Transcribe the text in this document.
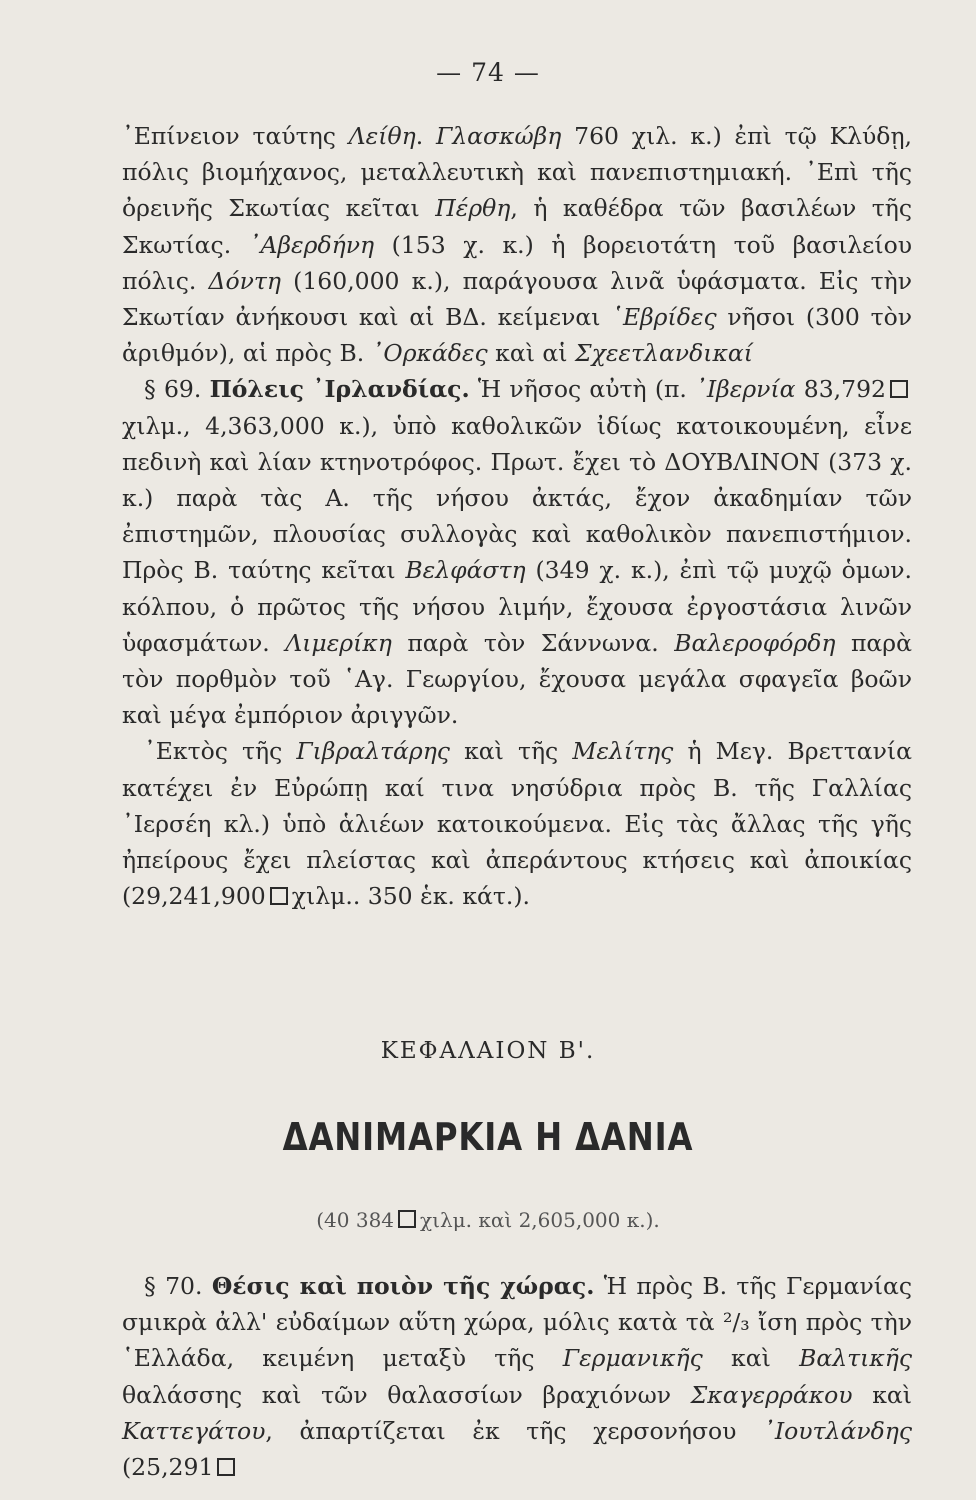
— 74 —

᾿Επίνειον ταύτης Λείθη. Γλασκώβη 760 χιλ. κ.) ἐπὶ τῷ Κλύδῃ, πόλις βιομήχανος, μεταλλευτικὴ καὶ πανεπιστημιακή. ᾿Επὶ τῆς ὀρεινῆς Σκωτίας κεῖται Πέρθη, ἡ καθέδρα τῶν βασιλέων τῆς Σκωτίας. ᾿Αβερδήνη (153 χ. κ.) ἡ βορειοτάτη τοῦ βασιλείου πόλις. Δόντη (160,000 κ.), παράγουσα λινᾶ ὑφάσματα. Εἰς τὴν Σκωτίαν ἀνήκουσι καὶ αἱ ΒΔ. κείμεναι ῾Εβρίδες νῆσοι (300 τὸν ἀριθμόν), αἱ πρὸς Β. ᾿Ορκάδες καὶ αἱ Σχεετλανδικαί

§ 69. Πόλεις ᾿Ιρλανδίας. Ἡ νῆσος αὐτὴ (π. ᾿Ιβερνία 83,792χιλμ., 4,363,000 κ.), ὑπὸ καθολικῶν ἰδίως κατοικουμένη, εἶνε πεδινὴ καὶ λίαν κτηνοτρόφος. Πρωτ. ἔχει τὸ ΔΟΥΒΛΙΝΟΝ (373 χ. κ.) παρὰ τὰς Α. τῆς νήσου ἀκτάς, ἔχον ἀκαδημίαν τῶν ἐπιστημῶν, πλουσίας συλλογὰς καὶ καθολικὸν πανεπιστήμιον. Πρὸς Β. ταύτης κεῖται Βελφάστη (349 χ. κ.), ἐπὶ τῷ μυχῷ ὁμων. κόλπου, ὁ πρῶτος τῆς νήσου λιμήν, ἔχουσα ἐργοστάσια λινῶν ὑφασμάτων. Λιμερίκη παρὰ τὸν Σάννωνα. Βαλεροφόρδη παρὰ τὸν πορθμὸν τοῦ ῾Αγ. Γεωργίου, ἔχουσα μεγάλα σφαγεῖα βοῶν καὶ μέγα ἐμπόριον ἀριγγῶν.

᾿Εκτὸς τῆς Γιβραλτάρης καὶ τῆς Μελίτης ἡ Μεγ. Βρεττανία κατέχει ἐν Εὐρώπῃ καί τινα νησύδρια πρὸς Β. τῆς Γαλλίας ᾿Ιερσέη κλ.) ὑπὸ ἁλιέων κατοικούμενα. Εἰς τὰς ἄλλας τῆς γῆς ἠπείρους ἔχει πλείστας καὶ ἀπεράντους κτήσεις καὶ ἀποικίας (29,241,900 χιλμ.. 350 ἑκ. κάτ.).

ΚΕΦΑΛΑΙΟΝ Β'.
ΔΑΝΙΜΑΡΚΙΑ Η ΔΑΝΙΑ
(40 384 χιλμ. καὶ 2,605,000 κ.).

§ 70. Θέσις καὶ ποιὸν τῆς χώρας. Ἡ πρὸς Β. τῆς Γερμανίας σμικρὰ ἀλλ' εὐδαίμων αὕτη χώρα, μόλις κατὰ τὰ ²/₃ ἴση πρὸς τὴν ῾Ελλάδα, κειμένη μεταξὺ τῆς Γερμανικῆς καὶ Βαλτικῆς θαλάσσης καὶ τῶν θαλασσίων βραχιόνων Σκαγερράκου καὶ Καττεγάτου, ἀπαρτίζεται ἐκ τῆς χερσονήσου ᾿Ιουτλάνδης (25,291
